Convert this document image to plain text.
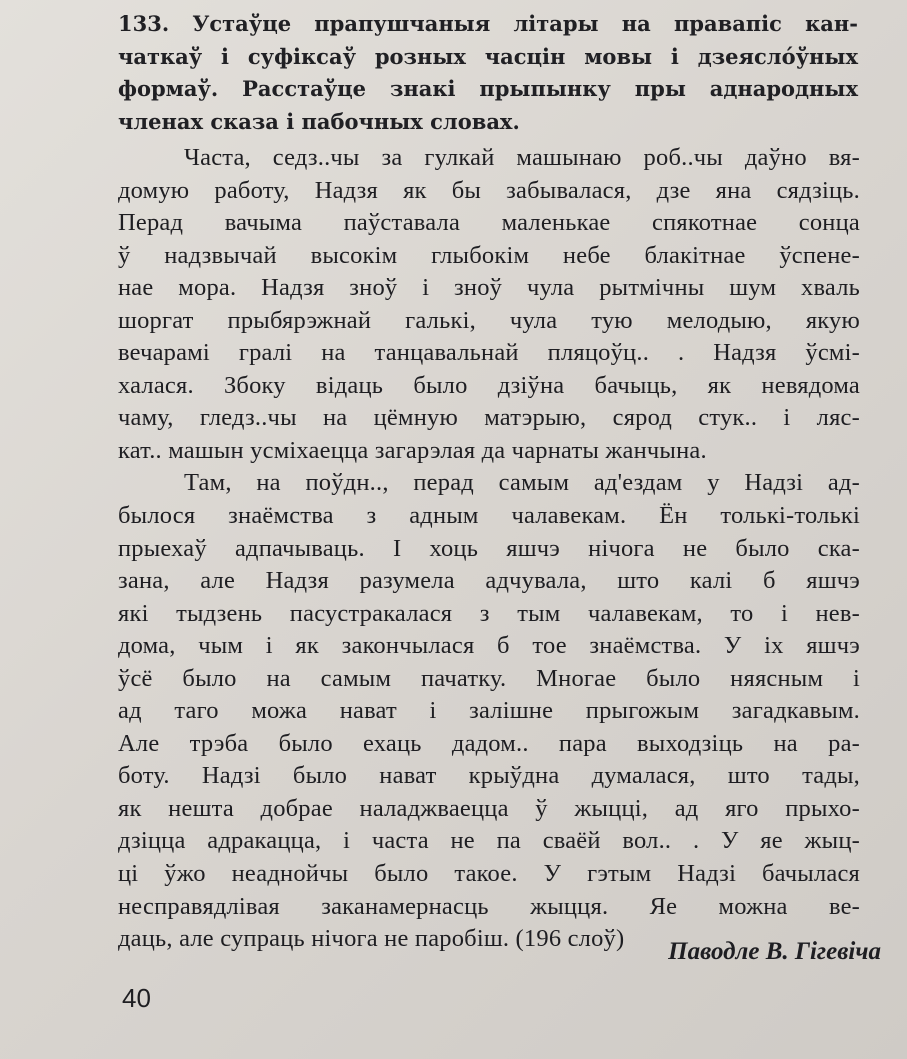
133. Устаўце прапушчаныя літары на правапіс кан-
чаткаў і суфіксаў розных часцін мовы і дзеясло́ўных
формаў. Расстаўце знакі прыпынку пры аднародных
членах сказа і пабочных словах.
Часта, седз..чы за гулкай машынаю роб..чы даўно вя-
домую работу, Надзя як бы забывалася, дзе яна сядзіць.
Перад вачыма паўставала маленькае спякотнае сонца
ў надзвычай высокім глыбокім небе блакітнае ўспене-
нае мора. Надзя зноў і зноў чула рытмічны шум хваль
шоргат прыбярэжнай галькі, чула тую мелодыю, якую
вечарамі гралі на танцавальнай пляцоўц.. . Надзя ўсмі-
халася. Збоку відаць было дзіўна бачыць, як невядома
чаму, гледз..чы на цёмную матэрыю, сярод стук.. і ляс-
кат.. машын усміхаецца загарэлая да чарнаты жанчына.
Там, на поўдн.., перад самым ад'ездам у Надзі ад-
былося знаёмства з адным чалавекам. Ён толькі-толькі
прыехаў адпачываць. І хоць яшчэ нічога не было ска-
зана, але Надзя разумела адчувала, што калі б яшчэ
які тыдзень пасустракалася з тым чалавекам, то і нев-
дома, чым і як закончылася б тое знаёмства. У іх яшчэ
ўсё было на самым пачатку. Многае было няясным і
ад таго можа нават і залішне прыгожым загадкавым.
Але трэба было ехаць дадом.. пара выходзіць на ра-
боту. Надзі было нават крыўдна думалася, што тады,
як нешта добрае наладжваецца ў жыцці, ад яго прыхо-
дзіцца адракацца, і часта не па сваёй вол.. . У яе жыц-
ці ўжо неаднойчы было такое. У гэтым Надзі бачылася
несправядлівая заканамернасць жыцця. Яе можна ве-
даць, але супраць нічога не паробіш. (196 слоў)	Паводле В. Гігевіча
40
